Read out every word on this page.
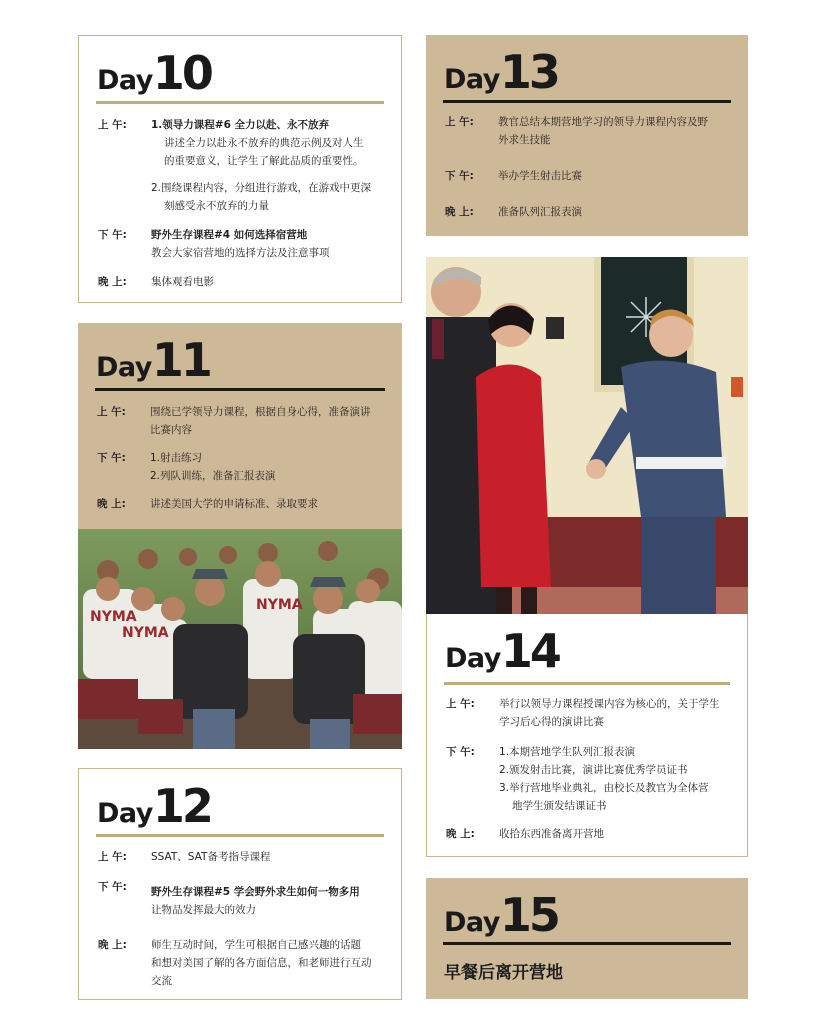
Day 10
上 午:	1.领导力课程#6 全力以赴、永不放弃
讲述全力以赴永不放弃的典范示例及对人生
的重要意义，让学生了解此品质的重要性。
2.围绕课程内容，分组进行游戏，在游戏中更深
刻感受永不放弃的力量
下 午:	野外生存课程#4 如何选择宿营地
教会大家宿营地的选择方法及注意事项
晚 上:	集体观看电影
Day 11
上 午:	围绕已学领导力课程，根据自身心得，准备演讲
比赛内容
下 午:	1.射击练习
2.列队训练，准备汇报表演
晚 上:	讲述美国大学的申请标准、录取要求
NYMA
NYMA
NYMA
Day 12
上 午:	SSAT、SAT备考指导课程
下 午:	野外生存课程#5 学会野外求生如何一物多用
让物品发挥最大的效力
晚 上:	师生互动时间，学生可根据自己感兴趣的话题
和想对美国了解的各方面信息，和老师进行互动
交流
Day 13
上 午:	教官总结本期营地学习的领导力课程内容及野
外求生技能
下 午:	举办学生射击比赛
晚 上:	准备队列汇报表演
Day 14
上 午:	举行以领导力课程授课内容为核心的，关于学生
学习后心得的演讲比赛
下 午:	1.本期营地学生队列汇报表演
2.颁发射击比赛，演讲比赛优秀学员证书
3.举行营地毕业典礼，由校长及教官为全体营
地学生颁发结课证书
晚 上:	收拾东西准备离开营地
Day 15
早餐后离开营地
